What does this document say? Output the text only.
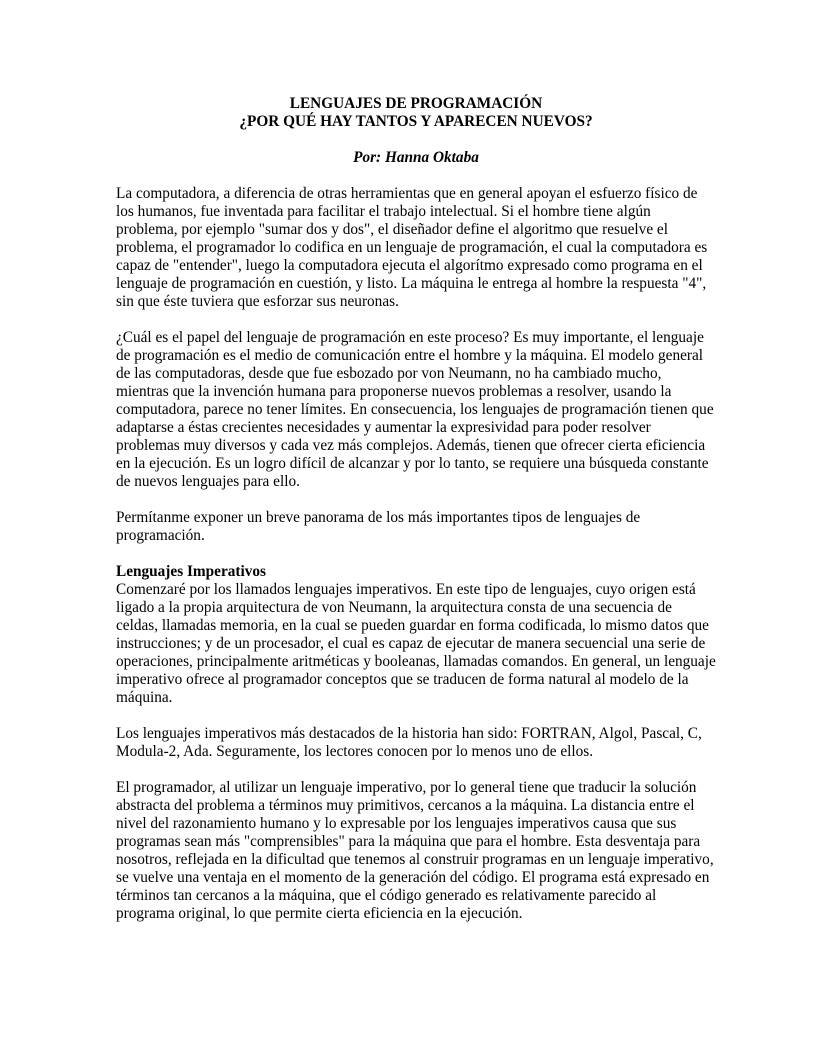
LENGUAJES DE PROGRAMACIÓN
¿POR QUÉ HAY TANTOS Y APARECEN NUEVOS?
Por: Hanna Oktaba

La computadora, a diferencia de otras herramientas que en general apoyan el esfuerzo físico de los humanos, fue inventada para facilitar el trabajo intelectual. Si el hombre tiene algún problema, por ejemplo "sumar dos y dos", el diseñador define el algoritmo que resuelve el problema, el programador lo codifica en un lenguaje de programación, el cual la computadora es capaz de "entender", luego la computadora ejecuta el algorítmo expresado como programa en el lenguaje de programación en cuestión, y listo. La máquina le entrega al hombre la respuesta "4", sin que éste tuviera que esforzar sus neuronas.

¿Cuál es el papel del lenguaje de programación en este proceso? Es muy importante, el lenguaje de programación es el medio de comunicación entre el hombre y la máquina. El modelo general de las computadoras, desde que fue esbozado por von Neumann, no ha cambiado mucho, mientras que la invención humana para proponerse nuevos problemas a resolver, usando la computadora, parece no tener límites. En consecuencia, los lenguajes de programación tienen que adaptarse a éstas crecientes necesidades y aumentar la expresividad para poder resolver problemas muy diversos y cada vez más complejos. Además, tienen que ofrecer cierta eficiencia en la ejecución. Es un logro difícil de alcanzar y por lo tanto, se requiere una búsqueda constante de nuevos lenguajes para ello.

Permítanme exponer un breve panorama de los más importantes tipos de lenguajes de programación.

Lenguajes Imperativos
Comenzaré por los llamados lenguajes imperativos. En este tipo de lenguajes, cuyo origen está ligado a la propia arquitectura de von Neumann, la arquitectura consta de una secuencia de celdas, llamadas memoria, en la cual se pueden guardar en forma codificada, lo mismo datos que instrucciones; y de un procesador, el cual es capaz de ejecutar de manera secuencial una serie de operaciones, principalmente aritméticas y booleanas, llamadas comandos. En general, un lenguaje imperativo ofrece al programador conceptos que se traducen de forma natural al modelo de la máquina.

Los lenguajes imperativos más destacados de la historia han sido: FORTRAN, Algol, Pascal, C, Modula-2, Ada. Seguramente, los lectores conocen por lo menos uno de ellos.

El programador, al utilizar un lenguaje imperativo, por lo general tiene que traducir la solución abstracta del problema a términos muy primitivos, cercanos a la máquina. La distancia entre el nivel del razonamiento humano y lo expresable por los lenguajes imperativos causa que sus programas sean más "comprensibles" para la máquina que para el hombre. Esta desventaja para nosotros, reflejada en la dificultad que tenemos al construir programas en un lenguaje imperativo, se vuelve una ventaja en el momento de la generación del código. El programa está expresado en términos tan cercanos a la máquina, que el código generado es relativamente parecido al programa original, lo que permite cierta eficiencia en la ejecución.
